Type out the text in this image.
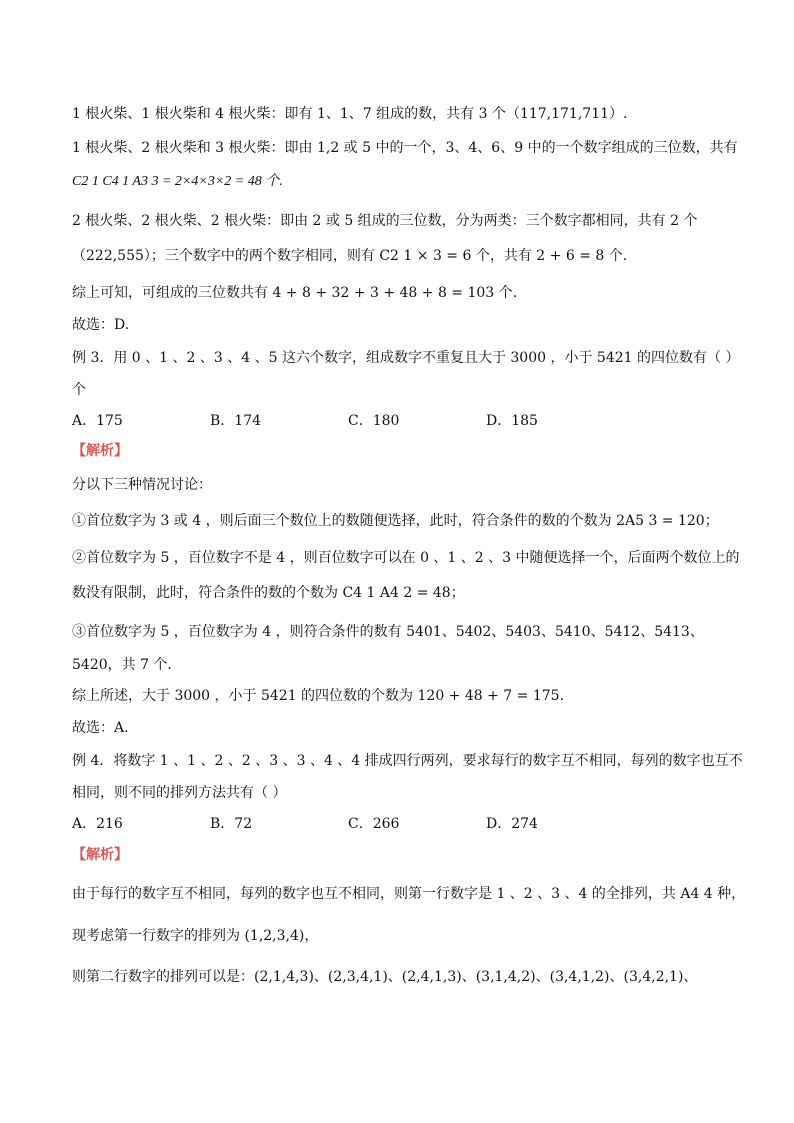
1 根火柴、1 根火柴和 4 根火柴：即有 1、1、7 组成的数，共有 3 个（117,171,711）.
1 根火柴、2 根火柴和 3 根火柴：即由 1,2 或 5 中的一个，3、4、6、9 中的一个数字组成的三位数，共有
C2 1 C4 1 A3 3 = 2×4×3×2 = 48 个.
2 根火柴、2 根火柴、2 根火柴：即由 2 或 5 组成的三位数，分为两类：三个数字都相同，共有 2 个
（222,555）；三个数字中的两个数字相同，则有 C2 1 × 3 = 6 个，共有 2 + 6 = 8 个.
综上可知，可组成的三位数共有 4 + 8 + 32 + 3 + 48 + 8 = 103 个.
故选：D.
例 3．用 0 、1 、2 、3 、4 、5 这六个数字，组成数字不重复且大于 3000 ，小于 5421 的四位数有（ ）
个
A．175	B．174	C．180	D．185
【解析】
分以下三种情况讨论：
①首位数字为 3 或 4 ，则后面三个数位上的数随便选择，此时，符合条件的数的个数为 2A5 3 = 120；
②首位数字为 5 ，百位数字不是 4 ，则百位数字可以在 0 、1 、2 、3 中随便选择一个，后面两个数位上的
数没有限制，此时，符合条件的数的个数为 C4 1 A4 2 = 48；
③首位数字为 5 ，百位数字为 4 ，则符合条件的数有 5401、5402、5403、5410、5412、5413、
5420，共 7 个.
综上所述，大于 3000 ，小于 5421 的四位数的个数为 120 + 48 + 7 = 175.
故选：A.
例 4．将数字 1 、1 、2 、2 、3 、3 、4 、4 排成四行两列，要求每行的数字互不相同，每列的数字也互不
相同，则不同的排列方法共有（ ）
A．216	B．72	C．266	D．274
【解析】
由于每行的数字互不相同，每列的数字也互不相同，则第一行数字是 1 、2 、3 、4 的全排列，共 A4 4 种，
现考虑第一行数字的排列为 (1,2,3,4)，
则第二行数字的排列可以是：(2,1,4,3)、(2,3,4,1)、(2,4,1,3)、(3,1,4,2)、(3,4,1,2)、(3,4,2,1)、
